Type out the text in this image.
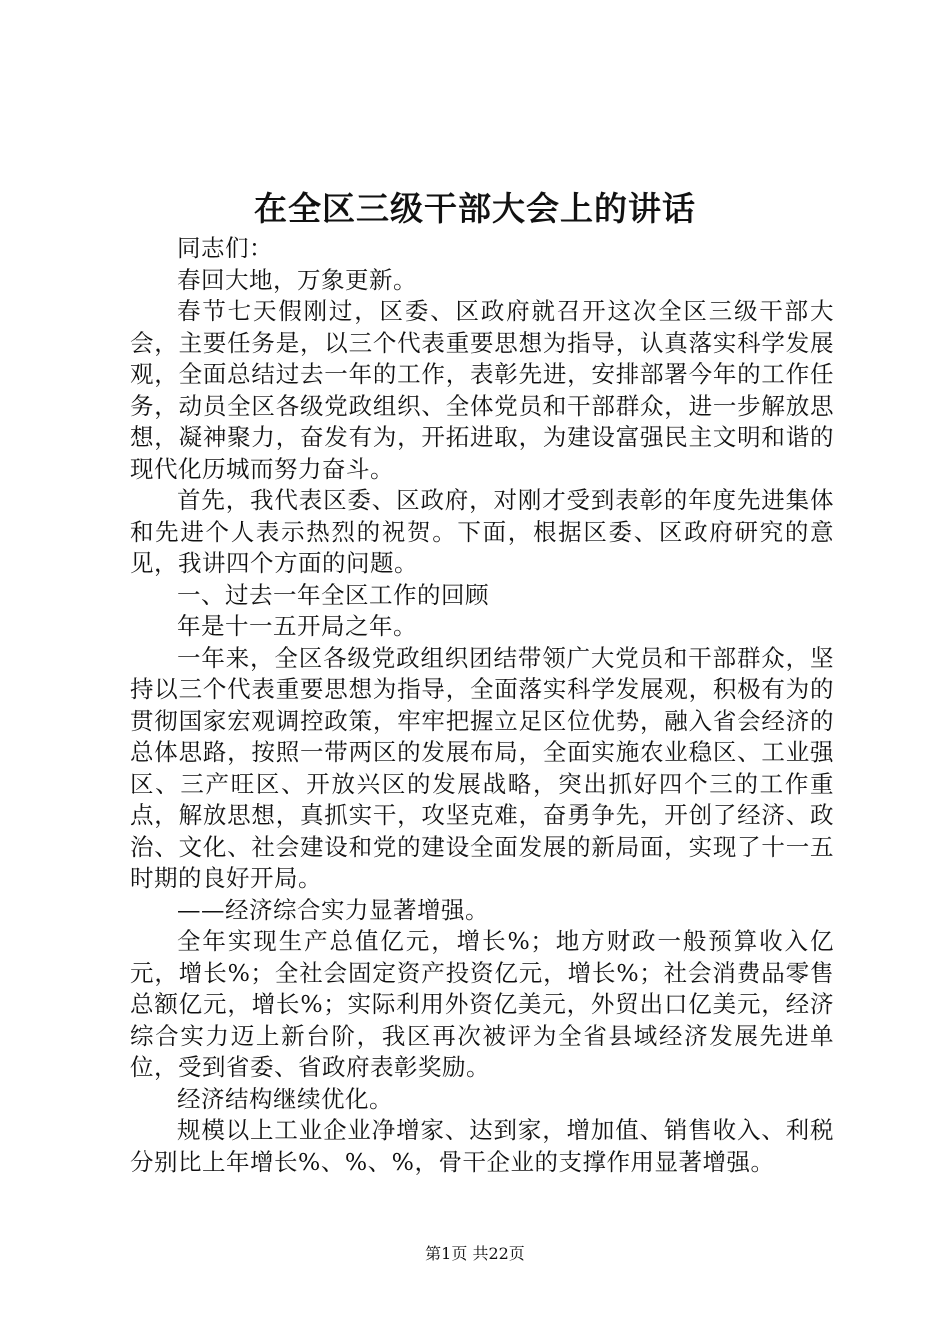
在全区三级干部大会上的讲话

同志们：

春回大地，万象更新。

春节七天假刚过，区委、区政府就召开这次全区三级干部大会，主要任务是，以三个代表重要思想为指导，认真落实科学发展观，全面总结过去一年的工作，表彰先进，安排部署今年的工作任务，动员全区各级党政组织、全体党员和干部群众，进一步解放思想，凝神聚力，奋发有为，开拓进取，为建设富强民主文明和谐的现代化历城而努力奋斗。

首先，我代表区委、区政府，对刚才受到表彰的年度先进集体和先进个人表示热烈的祝贺。下面，根据区委、区政府研究的意见，我讲四个方面的问题。

一、过去一年全区工作的回顾

年是十一五开局之年。

一年来，全区各级党政组织团结带领广大党员和干部群众，坚持以三个代表重要思想为指导，全面落实科学发展观，积极有为的贯彻国家宏观调控政策，牢牢把握立足区位优势，融入省会经济的总体思路，按照一带两区的发展布局，全面实施农业稳区、工业强区、三产旺区、开放兴区的发展战略，突出抓好四个三的工作重点，解放思想，真抓实干，攻坚克难，奋勇争先，开创了经济、政治、文化、社会建设和党的建设全面发展的新局面，实现了十一五时期的良好开局。

——经济综合实力显著增强。

全年实现生产总值亿元，增长%；地方财政一般预算收入亿元，增长%；全社会固定资产投资亿元，增长%；社会消费品零售总额亿元，增长%；实际利用外资亿美元，外贸出口亿美元，经济综合实力迈上新台阶，我区再次被评为全省县域经济发展先进单位，受到省委、省政府表彰奖励。

经济结构继续优化。

规模以上工业企业净增家、达到家，增加值、销售收入、利税分别比上年增长%、%、%，骨干企业的支撑作用显著增强。

第1页 共22页
